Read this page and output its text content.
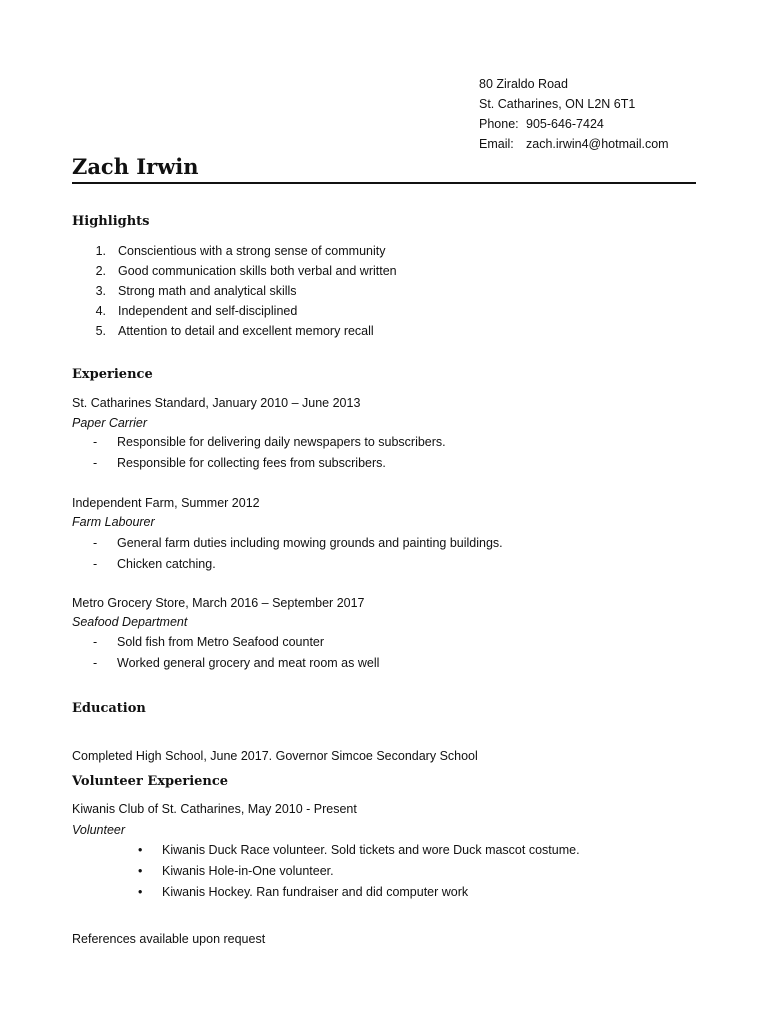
80 Ziraldo Road
St. Catharines, ON L2N 6T1
Phone: 905-646-7424
Email: zach.irwin4@hotmail.com
Zach Irwin
Highlights
1. Conscientious with a strong sense of community
2. Good communication skills both verbal and written
3. Strong math and analytical skills
4. Independent and self-disciplined
5. Attention to detail and excellent memory recall
Experience
St. Catharines Standard, January 2010 – June 2013
Paper Carrier
- Responsible for delivering daily newspapers to subscribers.
- Responsible for collecting fees from subscribers.
Independent Farm, Summer 2012
Farm Labourer
- General farm duties including mowing grounds and painting buildings.
- Chicken catching.
Metro Grocery Store, March 2016 – September 2017
Seafood Department
- Sold fish from Metro Seafood counter
- Worked general grocery and meat room as well
Education
Completed High School, June 2017. Governor Simcoe Secondary School
Volunteer Experience
Kiwanis Club of St. Catharines, May 2010 - Present
Volunteer
• Kiwanis Duck Race volunteer. Sold tickets and wore Duck mascot costume.
• Kiwanis Hole-in-One volunteer.
• Kiwanis Hockey. Ran fundraiser and did computer work
References available upon request
